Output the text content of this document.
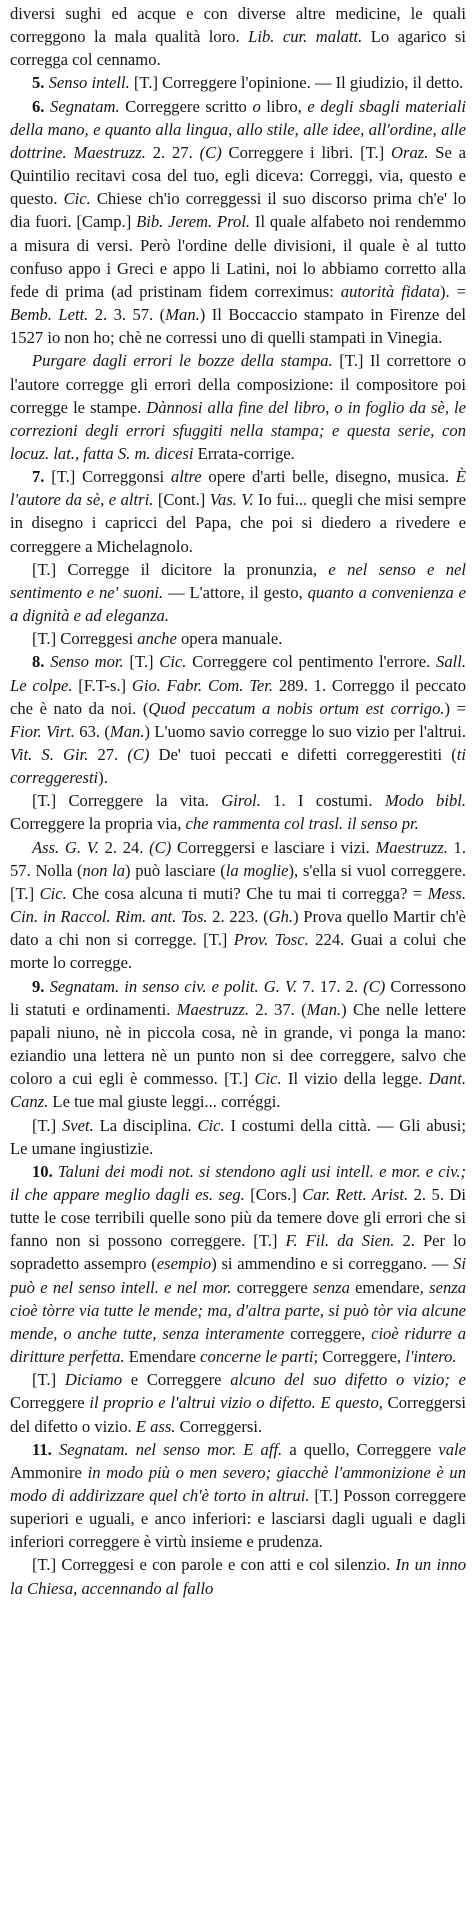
diversi sughi ed acque e con diverse altre medicine, le quali correggono la mala qualità loro. Lib. cur. malatt. Lo agarico si corregga col cennamo.

5. Senso intell. [T.] Correggere l'opinione. — Il giudizio, il detto.

6. Segnatam. Correggere scritto o libro, e degli sbagli materiali della mano, e quanto alla lingua, allo stile, alle idee, all'ordine, alle dottrine. Maestruzz. 2. 27. (C) Correggere i libri. [T.] Oraz. Se a Quintilio recitavi cosa del tuo, egli diceva: Correggi, via, questo e questo. Cic. Chiese ch'io correggessi il suo discorso prima ch'e' lo dia fuori. [Camp.] Bib. Jerem. Prol. Il quale alfabeto noi rendemmo a misura di versi. Però l'ordine delle divisioni, il quale è al tutto confuso appo i Greci e appo li Latini, noi lo abbiamo corretto alla fede di prima (ad pristinam fidem correximus: autorità fidata). = Bemb. Lett. 2. 3. 57. (Man.) Il Boccaccio stampato in Firenze del 1527 io non ho; chè ne corressi uno di quelli stampati in Vinegia.

Purgare dagli errori le bozze della stampa. [T.] Il correttore o l'autore corregge gli errori della composizione: il compositore poi corregge le stampe. Dànnosi alla fine del libro, o in foglio da sè, le correzioni degli errori sfuggiti nella stampa; e questa serie, con locuz. lat., fatta S. m. dicesi Errata-corrige.

7. [T.] Correggonsi altre opere d'arti belle, disegno, musica. È l'autore da sè, e altri. [Cont.] Vas. V. Io fui... quegli che misi sempre in disegno i capricci del Papa, che poi si diedero a rivedere e correggere a Michelagnolo.

[T.] Corregge il dicitore la pronunzia, e nel senso e nel sentimento e ne' suoni. — L'attore, il gesto, quanto a convenienza e a dignità e ad eleganza.

[T.] Correggesi anche opera manuale.

8. Senso mor. [T.] Cic. Correggere col pentimento l'errore. Sall. Le colpe. [F.T-s.] Gio. Fabr. Com. Ter. 289. 1. Correggo il peccato che è nato da noi. (Quod peccatum a nobis ortum est corrigo.) = Fior. Virt. 63. (Man.) L'uomo savio corregge lo suo vizio per l'altrui. Vit. S. Gir. 27. (C) De' tuoi peccati e difetti correggerestiti (ti correggeresti).

[T.] Correggere la vita. Girol. 1. I costumi. Modo bibl. Correggere la propria via, che rammenta col trasl. il senso pr.

Ass. G. V. 2. 24. (C) Correggersi e lasciare i vizi. Maestruzz. 1. 57. Nolla (non la) può lasciare (la moglie), s'ella si vuol correggere. [T.] Cic. Che cosa alcuna ti muti? Che tu mai ti corregga? = Mess. Cin. in Raccol. Rim. ant. Tos. 2. 223. (Gh.) Prova quello Martir ch'è dato a chi non si corregge. [T.] Prov. Tosc. 224. Guai a colui che morte lo corregge.

9. Segnatam. in senso civ. e polit. G. V. 7. 17. 2. (C) Corressono li statuti e ordinamenti. Maestruzz. 2. 37. (Man.) Che nelle lettere papali niuno, nè in piccola cosa, nè in grande, vi ponga la mano: eziandio una lettera nè un punto non si dee correggere, salvo che coloro a cui egli è commesso. [T.] Cic. Il vizio della legge. Dant. Canz. Le tue mal giuste leggi... corréggi.

[T.] Svet. La disciplina. Cic. I costumi della città. — Gli abusi; Le umane ingiustizie.

10. Taluni dei modi not. si stendono agli usi intell. e mor. e civ.; il che appare meglio dagli es. seg. [Cors.] Car. Rett. Arist. 2. 5. Di tutte le cose terribili quelle sono più da temere dove gli errori che si fanno non si possono correggere. [T.] F. Fil. da Sien. 2. Per lo sopradetto assempro (esempio) si ammendino e si correggano. — Si può e nel senso intell. e nel mor. correggere senza emendare, senza cioè tòrre via tutte le mende; ma, d'altra parte, si può tòr via alcune mende, o anche tutte, senza interamente correggere, cioè ridurre a diritture perfetta. Emendare concerne le parti; Correggere, l'intero.

[T.] Diciamo e Correggere alcuno del suo difetto o vizio; e Correggere il proprio e l'altrui vizio o difetto. E questo, Correggersi del difetto o vizio. E ass. Correggersi.

11. Segnatam. nel senso mor. E aff. a quello, Correggere vale Ammonire in modo più o men severo; giacchè l'ammonizione è un modo di addirizzare quel ch'è torto in altrui. [T.] Posson correggere superiori e uguali, e anco inferiori: e lasciarsi dagli uguali e dagli inferiori correggere è virtù insieme e prudenza.

[T.] Correggesi e con parole e con atti e col silenzio. In un inno la Chiesa, accennando al fallo
